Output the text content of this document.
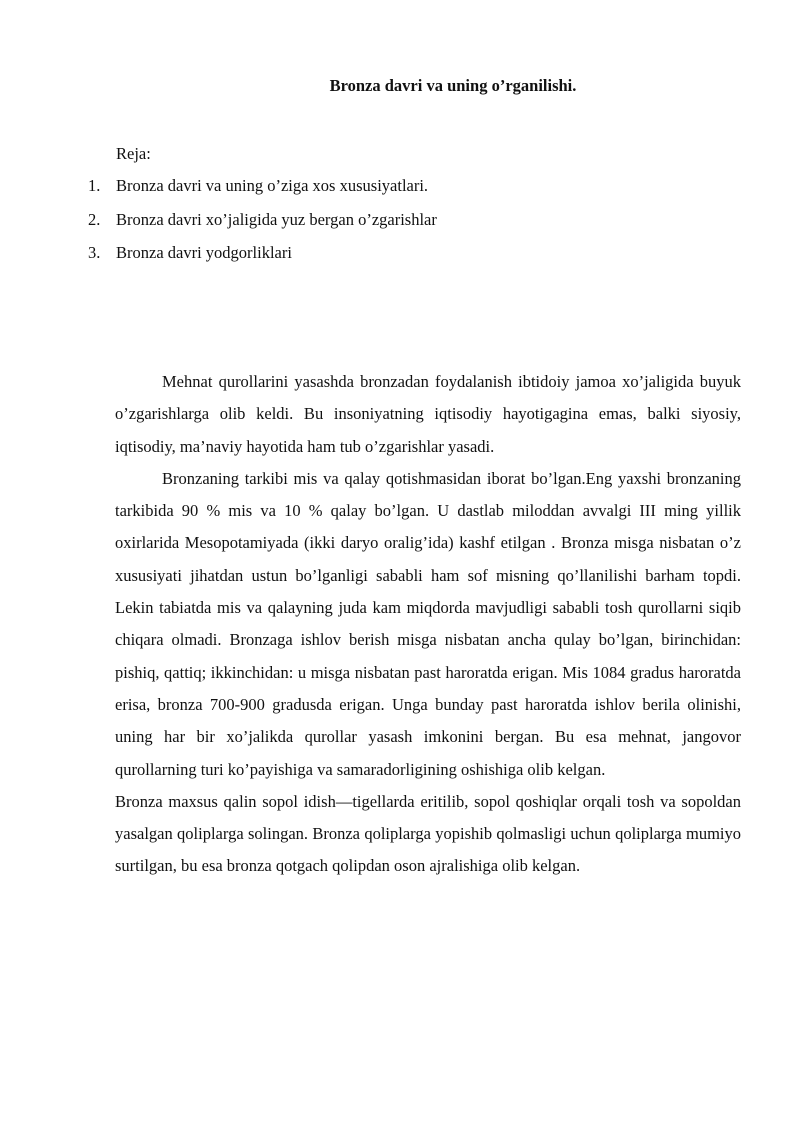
Bronza davri va uning o’rganilishi.
Reja:
1. Bronza davri va uning o’ziga xos xususiyatlari.
2. Bronza davri xo’jaligida yuz bergan o’zgarishlar
3. Bronza davri yodgorliklari

Mehnat qurollarini yasashda bronzadan foydalanish ibtidoiy jamoa xo’jaligida buyuk o’zgarishlarga olib keldi. Bu insoniyatning iqtisodiy hayotigagina emas, balki siyosiy, iqtisodiy, ma’naviy hayotida ham tub o’zgarishlar yasadi.

Bronzaning tarkibi mis va qalay qotishmasidan iborat bo’lgan.Eng yaxshi bronzaning tarkibida 90 % mis va 10 % qalay bo’lgan. U dastlab miloddan avvalgi III ming yillik oxirlarida Mesopotamiyada (ikki daryo oralig’ida) kashf etilgan . Bronza misga nisbatan o’z xususiyati jihatdan ustun bo’lganligi sababli ham sof misning qo’llanilishi barham topdi. Lekin tabiatda mis va qalayning juda kam miqdorda mavjudligi sababli tosh qurollarni siqib chiqara olmadi. Bronzaga ishlov berish misga nisbatan ancha qulay bo’lgan, birinchidan: pishiq, qattiq; ikkinchidan: u misga nisbatan past haroratda erigan. Mis 1084 gradus haroratda erisa, bronza 700-900 gradusda erigan. Unga bunday past haroratda ishlov berila olinishi, uning har bir xo’jalikda qurollar yasash imkonini bergan. Bu esa mehnat, jangovor qurollarning turi ko’payishiga va samaradorligining oshishiga olib kelgan.

Bronza maxsus qalin sopol idish—tigellarda eritilib, sopol qoshiqlar orqali tosh va sopoldan yasalgan qoliplarga solingan. Bronza qoliplarga yopishib qolmasligi uchun qoliplarga mumiyo surtilgan, bu esa bronza qotgach qolipdan oson ajralishiga olib kelgan.
